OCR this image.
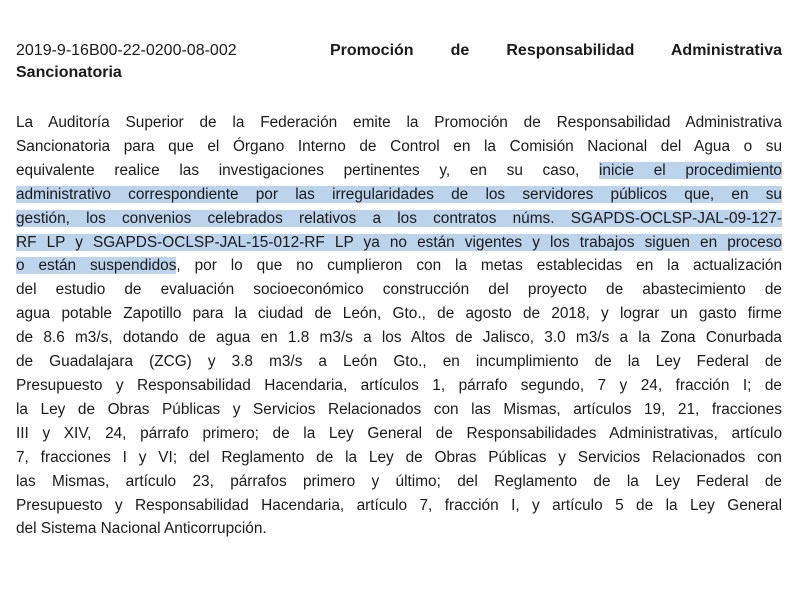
2019-9-16B00-22-0200-08-002	Promoción de Responsabilidad Administrativa
Sancionatoria
La Auditoría Superior de la Federación emite la Promoción de Responsabilidad Administrativa
Sancionatoria para que el Órgano Interno de Control en la Comisión Nacional del Agua o su
equivalente realice las investigaciones pertinentes y, en su caso, inicie el procedimiento
administrativo correspondiente por las irregularidades de los servidores públicos que, en su
gestión, los convenios celebrados relativos a los contratos núms. SGAPDS-OCLSP-JAL-09-127-
RF LP y SGAPDS-OCLSP-JAL-15-012-RF LP ya no están vigentes y los trabajos siguen en proceso
o están suspendidos, por lo que no cumplieron con la metas establecidas en la actualización
del estudio de evaluación socioeconómico construcción del proyecto de abastecimiento de
agua potable Zapotillo para la ciudad de León, Gto., de agosto de 2018, y lograr un gasto firme
de 8.6 m3/s, dotando de agua en 1.8 m3/s a los Altos de Jalisco, 3.0 m3/s a la Zona Conurbada
de Guadalajara (ZCG) y 3.8 m3/s a León Gto., en incumplimiento de la Ley Federal de
Presupuesto y Responsabilidad Hacendaria, artículos 1, párrafo segundo, 7 y 24, fracción I; de
la Ley de Obras Públicas y Servicios Relacionados con las Mismas, artículos 19, 21, fracciones
III y XIV, 24, párrafo primero; de la Ley General de Responsabilidades Administrativas, artículo
7, fracciones I y VI; del Reglamento de la Ley de Obras Públicas y Servicios Relacionados con
las Mismas, artículo 23, párrafos primero y último; del Reglamento de la Ley Federal de
Presupuesto y Responsabilidad Hacendaria, artículo 7, fracción I, y artículo 5 de la Ley General
del Sistema Nacional Anticorrupción.
